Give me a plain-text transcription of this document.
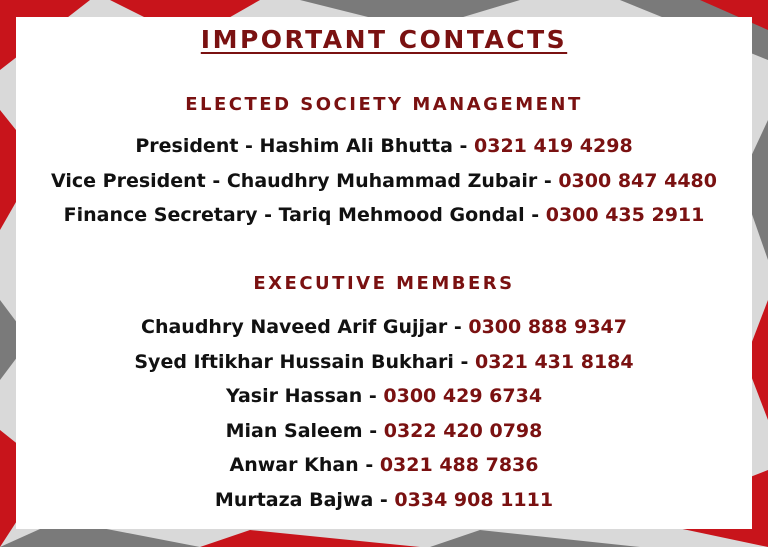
IMPORTANT CONTACTS
ELECTED SOCIETY MANAGEMENT
President - Hashim Ali Bhutta - 0321 419 4298
Vice President - Chaudhry Muhammad Zubair - 0300 847 4480
Finance Secretary - Tariq Mehmood Gondal - 0300 435 2911
EXECUTIVE MEMBERS
Chaudhry Naveed Arif Gujjar - 0300 888 9347
Syed Iftikhar Hussain Bukhari - 0321 431 8184
Yasir Hassan - 0300 429 6734
Mian Saleem - 0322 420 0798
Anwar Khan - 0321 488 7836
Murtaza Bajwa - 0334 908 1111
